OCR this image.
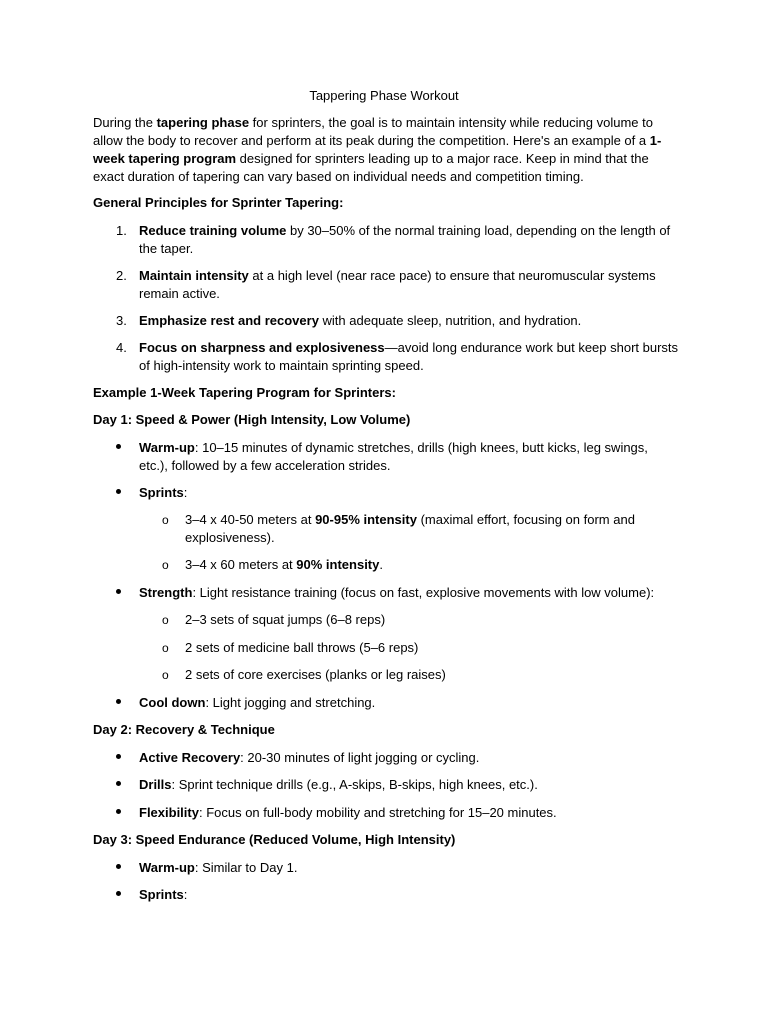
Tappering Phase Workout
During the tapering phase for sprinters, the goal is to maintain intensity while reducing volume to allow the body to recover and perform at its peak during the competition. Here's an example of a 1-week tapering program designed for sprinters leading up to a major race. Keep in mind that the exact duration of tapering can vary based on individual needs and competition timing.
General Principles for Sprinter Tapering:
1. Reduce training volume by 30–50% of the normal training load, depending on the length of the taper.
2. Maintain intensity at a high level (near race pace) to ensure that neuromuscular systems remain active.
3. Emphasize rest and recovery with adequate sleep, nutrition, and hydration.
4. Focus on sharpness and explosiveness—avoid long endurance work but keep short bursts of high-intensity work to maintain sprinting speed.
Example 1-Week Tapering Program for Sprinters:
Day 1: Speed & Power (High Intensity, Low Volume)
Warm-up: 10–15 minutes of dynamic stretches, drills (high knees, butt kicks, leg swings, etc.), followed by a few acceleration strides.
Sprints:
o 3–4 x 40-50 meters at 90-95% intensity (maximal effort, focusing on form and explosiveness).
o 3–4 x 60 meters at 90% intensity.
Strength: Light resistance training (focus on fast, explosive movements with low volume):
o 2–3 sets of squat jumps (6–8 reps)
o 2 sets of medicine ball throws (5–6 reps)
o 2 sets of core exercises (planks or leg raises)
Cool down: Light jogging and stretching.
Day 2: Recovery & Technique
Active Recovery: 20-30 minutes of light jogging or cycling.
Drills: Sprint technique drills (e.g., A-skips, B-skips, high knees, etc.).
Flexibility: Focus on full-body mobility and stretching for 15–20 minutes.
Day 3: Speed Endurance (Reduced Volume, High Intensity)
Warm-up: Similar to Day 1.
Sprints:
